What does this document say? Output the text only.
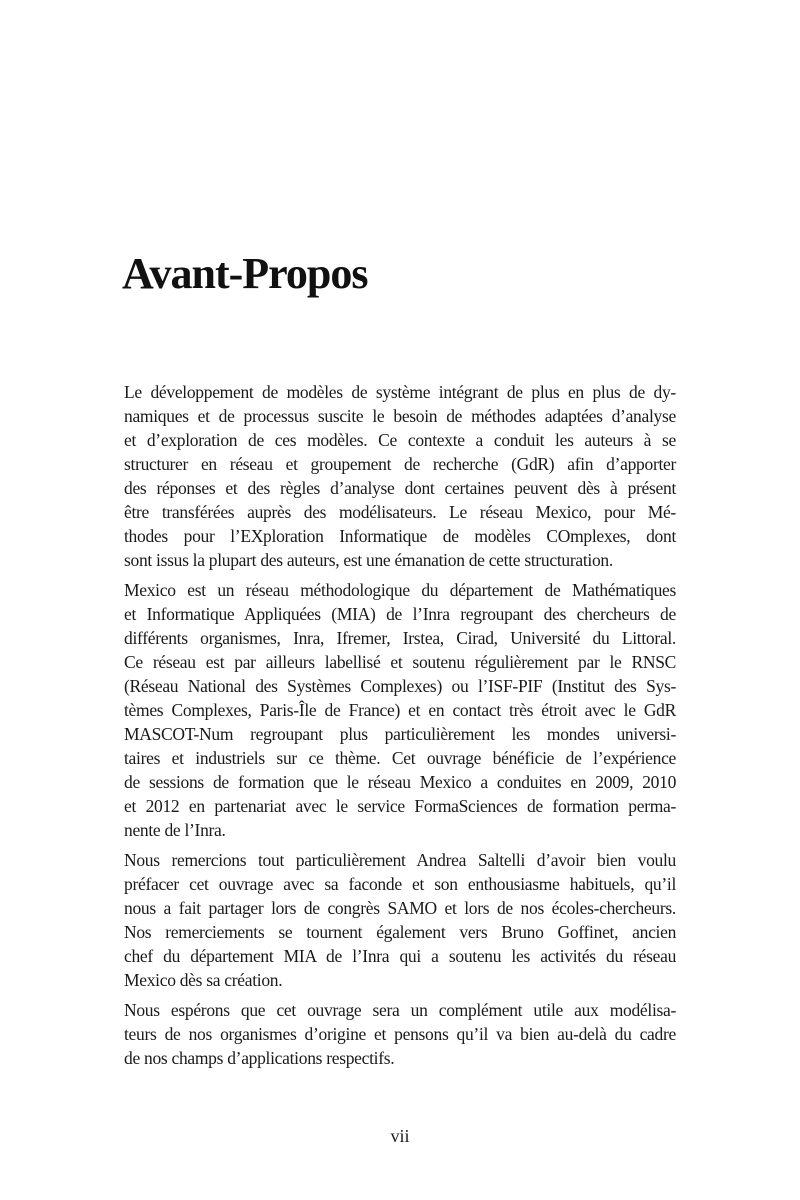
Avant-Propos
Le développement de modèles de système intégrant de plus en plus de dy-
namiques et de processus suscite le besoin de méthodes adaptées d’analyse
et d’exploration de ces modèles. Ce contexte a conduit les auteurs à se
structurer en réseau et groupement de recherche (GdR) afin d’apporter
des réponses et des règles d’analyse dont certaines peuvent dès à présent
être transférées auprès des modélisateurs. Le réseau Mexico, pour Mé-
thodes pour l’EXploration Informatique de modèles COmplexes, dont
sont issus la plupart des auteurs, est une émanation de cette structuration.
Mexico est un réseau méthodologique du département de Mathématiques
et Informatique Appliquées (MIA) de l’Inra regroupant des chercheurs de
différents organismes, Inra, Ifremer, Irstea, Cirad, Université du Littoral.
Ce réseau est par ailleurs labellisé et soutenu régulièrement par le RNSC
(Réseau National des Systèmes Complexes) ou l’ISF-PIF (Institut des Sys-
tèmes Complexes, Paris-Île de France) et en contact très étroit avec le GdR
MASCOT-Num regroupant plus particulièrement les mondes universi-
taires et industriels sur ce thème. Cet ouvrage bénéficie de l’expérience
de sessions de formation que le réseau Mexico a conduites en 2009, 2010
et 2012 en partenariat avec le service FormaSciences de formation perma-
nente de l’Inra.
Nous remercions tout particulièrement Andrea Saltelli d’avoir bien voulu
préfacer cet ouvrage avec sa faconde et son enthousiasme habituels, qu’il
nous a fait partager lors de congrès SAMO et lors de nos écoles-chercheurs.
Nos remerciements se tournent également vers Bruno Goffinet, ancien
chef du département MIA de l’Inra qui a soutenu les activités du réseau
Mexico dès sa création.
Nous espérons que cet ouvrage sera un complément utile aux modélisa-
teurs de nos organismes d’origine et pensons qu’il va bien au-delà du cadre
de nos champs d’applications respectifs.
vii
